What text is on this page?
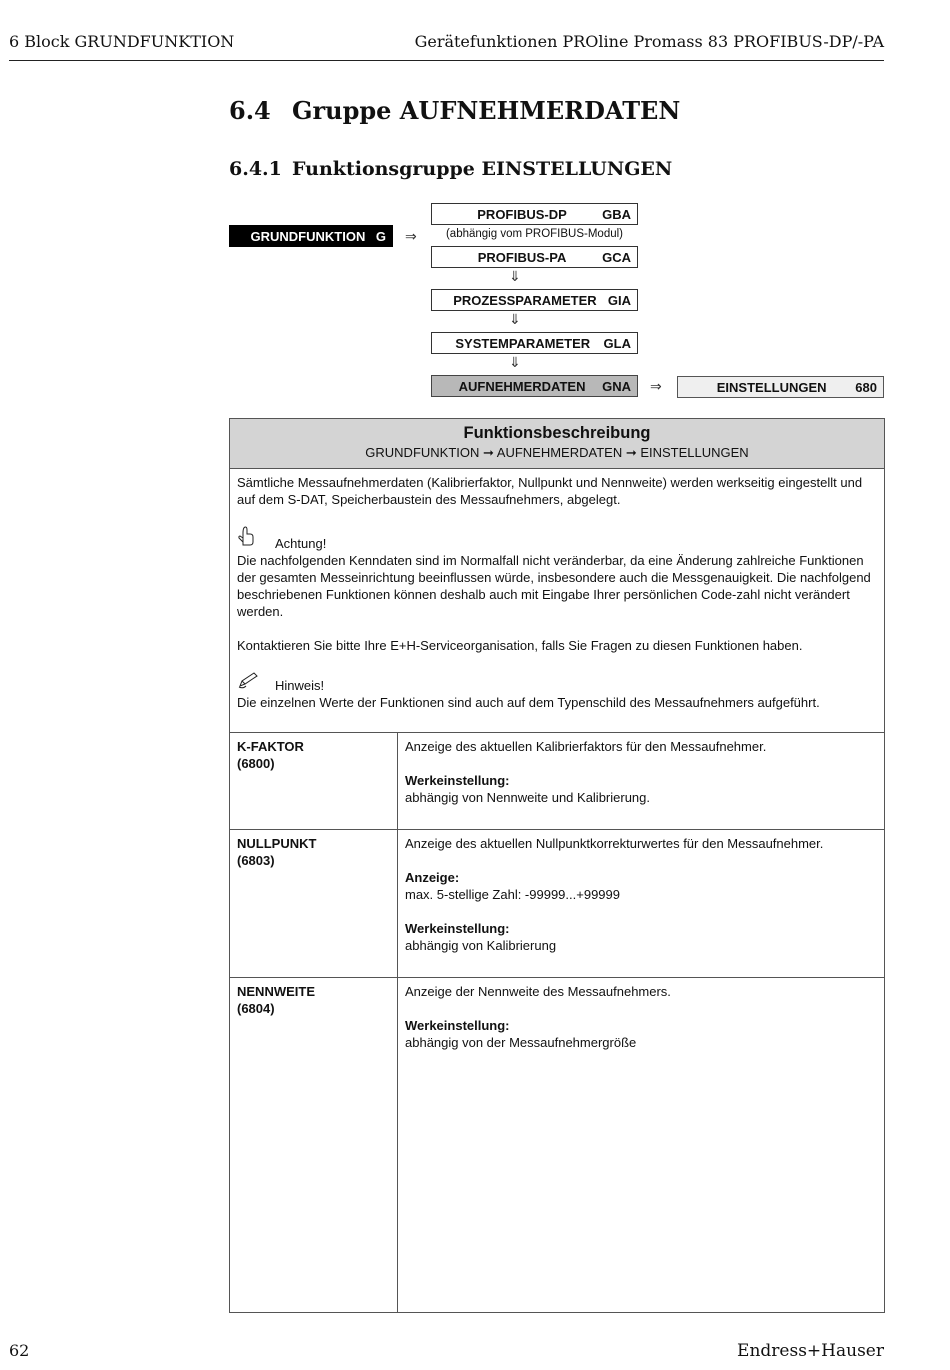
6 Block GRUNDFUNKTION	Gerätefunktionen PROline Promass 83 PROFIBUS-DP/-PA
6.4 Gruppe AUFNEHMERDATEN
6.4.1 Funktionsgruppe EINSTELLUNGEN
GRUNDFUNKTION G ⇒
PROFIBUS-DP	GBA
(abhängig vom PROFIBUS-Modul)
PROFIBUS-PA	GCA
⇓
PROZESSPARAMETER GIA
⇓
SYSTEMPARAMETER	GLA
⇓
AUFNEHMERDATEN	GNA ⇒	EINSTELLUNGEN	680
Funktionsbeschreibung
GRUNDFUNKTION ➞ AUFNEHMERDATEN ➞ EINSTELLUNGEN

Sämtliche Messaufnehmerdaten (Kalibrierfaktor, Nullpunkt und Nennweite) werden werkseitig eingestellt und auf dem S-DAT, Speicherbaustein des Messaufnehmers, abgelegt.

Achtung!

Die nachfolgenden Kenndaten sind im Normalfall nicht veränderbar, da eine Änderung zahlreiche Funktionen der gesamten Messeinrichtung beeinflussen würde, insbesondere auch die Messgenauigkeit. Die nachfolgend beschriebenen Funktionen können deshalb auch mit Eingabe Ihrer persönlichen Code-zahl nicht verändert werden.

Kontaktieren Sie bitte Ihre E+H-Serviceorganisation, falls Sie Fragen zu diesen Funktionen haben.

Hinweis!

Die einzelnen Werte der Funktionen sind auch auf dem Typenschild des Messaufnehmers aufgeführt.

K-FAKTOR
(6800)
Anzeige des aktuellen Kalibrierfaktors für den Messaufnehmer.
Werkeinstellung:
abhängig von Nennweite und Kalibrierung.
NULLPUNKT
(6803)
Anzeige des aktuellen Nullpunktkorrekturwertes für den Messaufnehmer.
Anzeige:
max. 5-stellige Zahl: -99999...+99999
Werkeinstellung:
abhängig von Kalibrierung
NENNWEITE
(6804)
Anzeige der Nennweite des Messaufnehmers.
Werkeinstellung:
abhängig von der Messaufnehmergröße
62	Endress+Hauser
